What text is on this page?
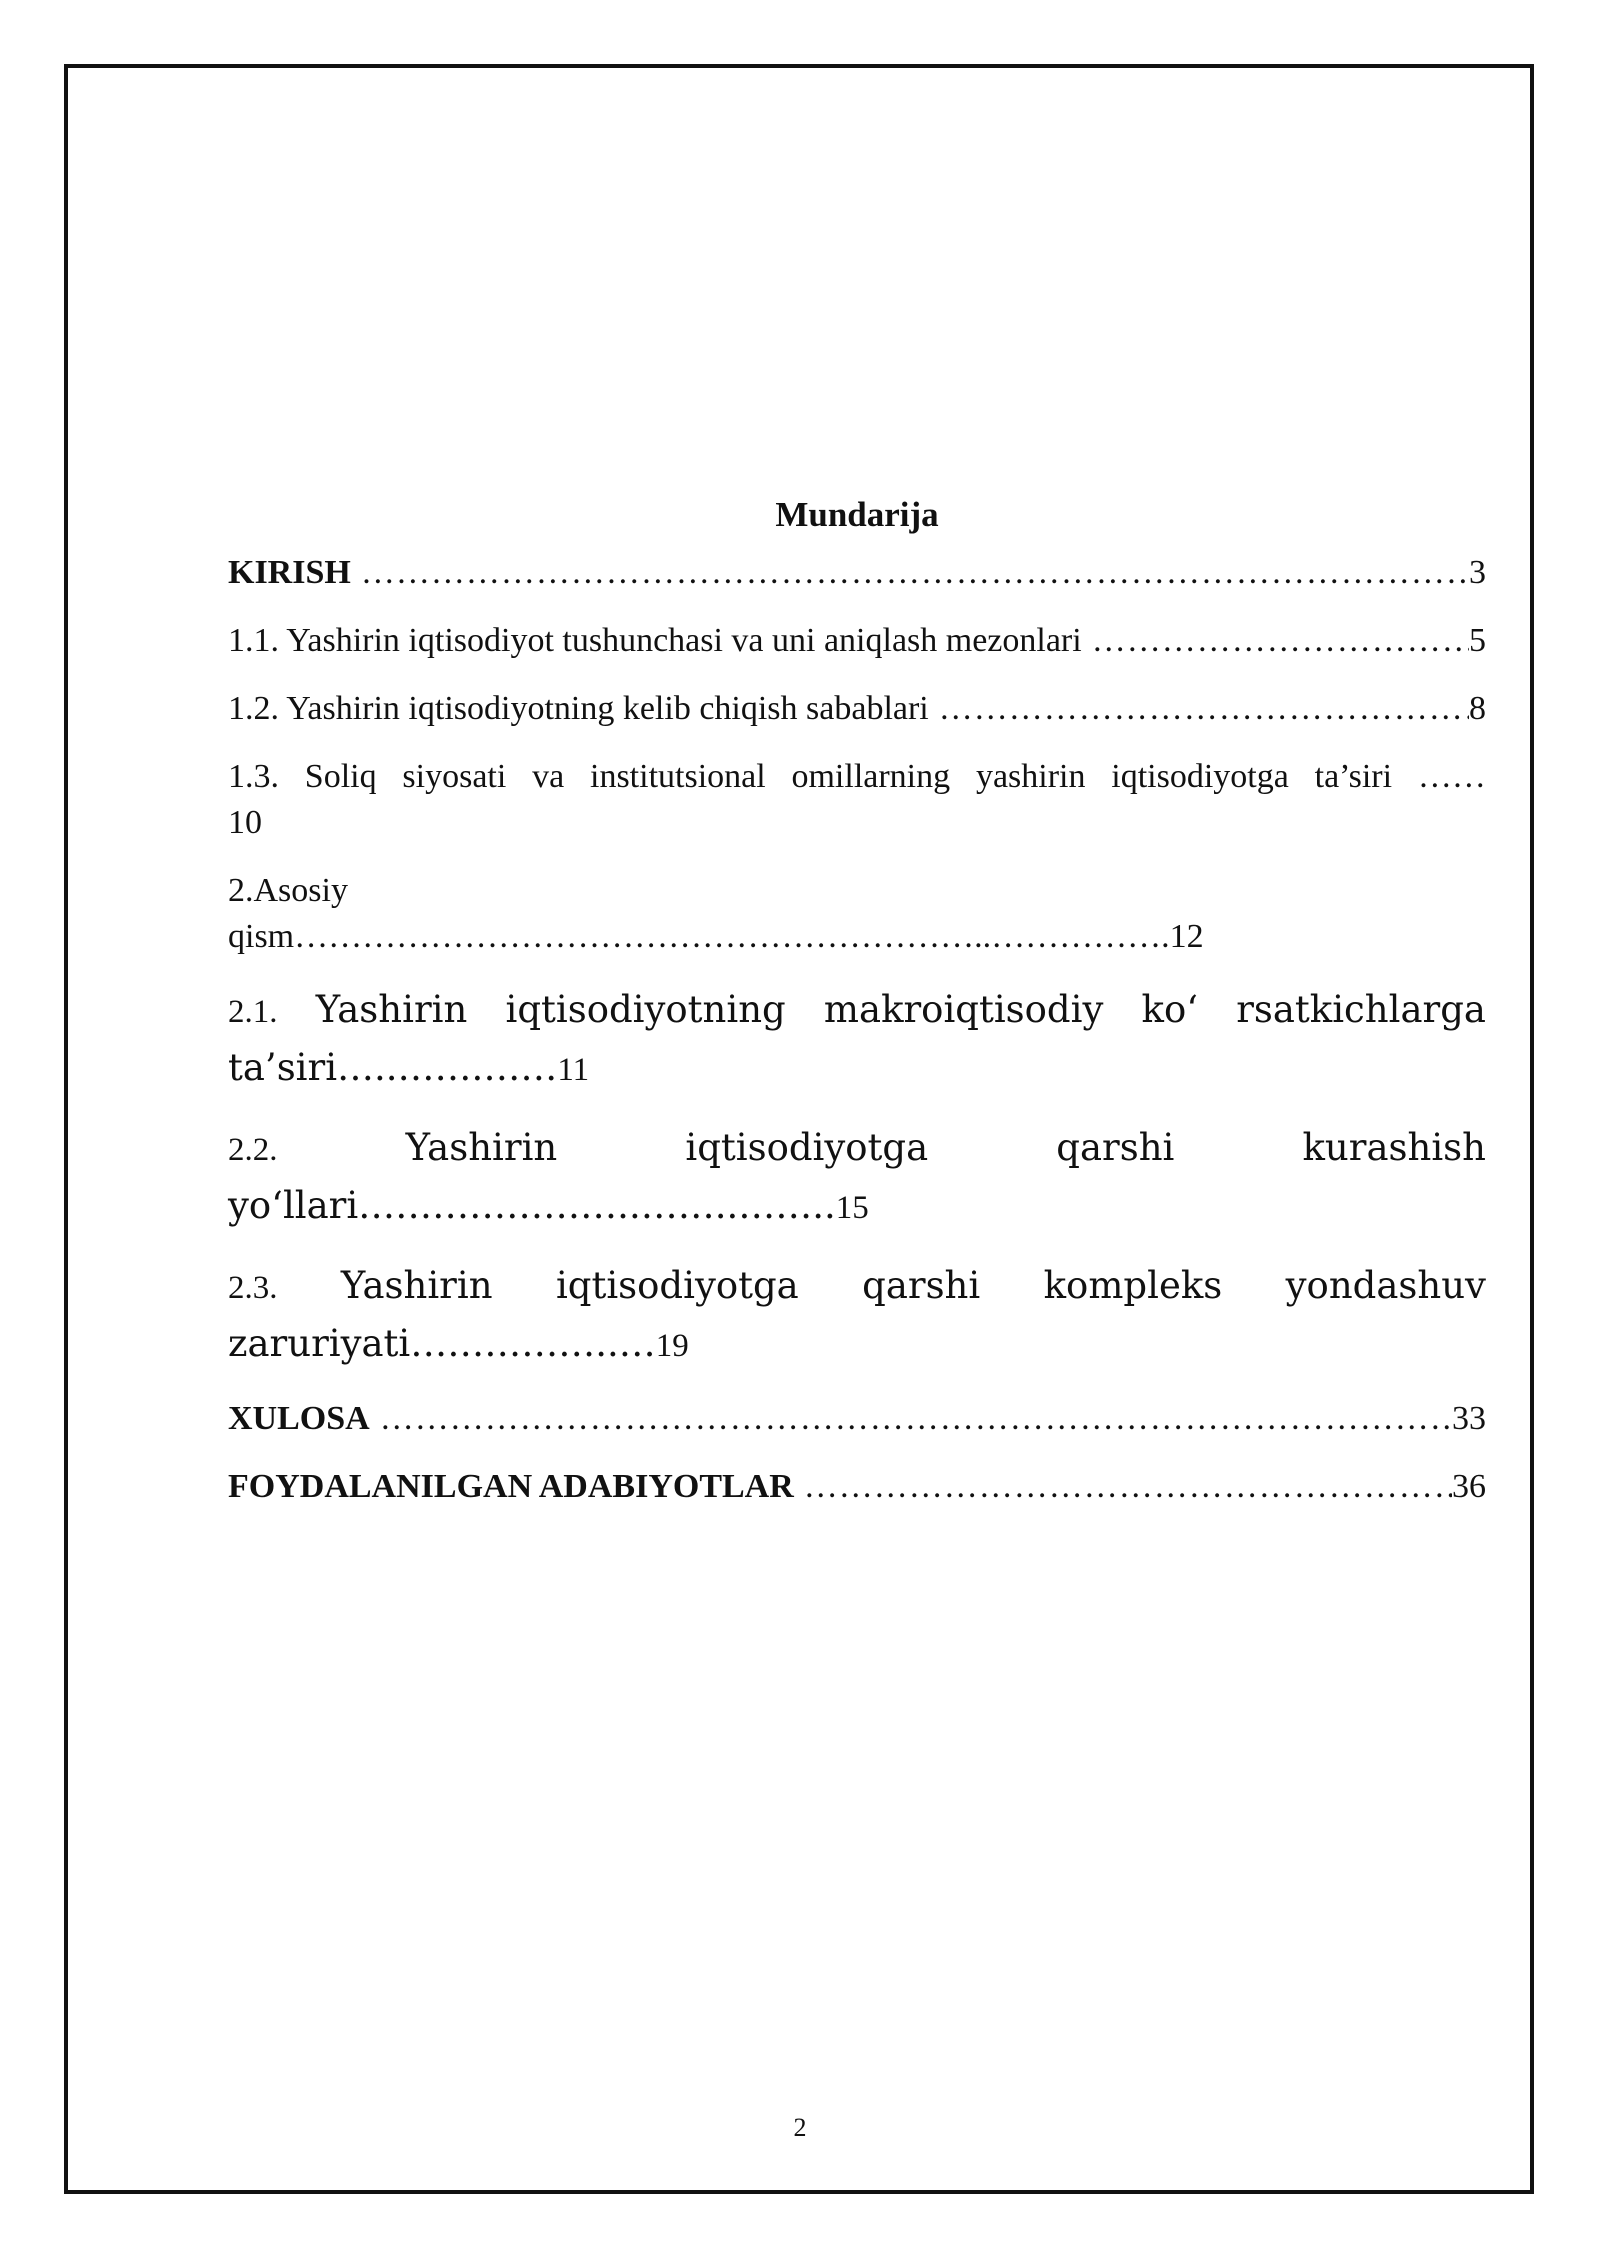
Mundarija
KIRISH ………………………………………………………………………………………………………………………………………………	3
1.1. Yashirin iqtisodiyot tushunchasi va uni aniqlash mezonlari ………………………………………………………………………………………………………………………………………………	5
1.2. Yashirin iqtisodiyotning kelib chiqish sabablari ………………………………………………………………………………………………………………………………………………	8
1.3. Soliq siyosati va institutsional omillarning yashirin iqtisodiyotga ta’siri ……
10
2.Asosiy
qism……………………………………………………..…………….12
2.1. Yashirin iqtisodiyotning makroiqtisodiy ko‘ rsatkichlarga
ta’siri…..…….……11
2.2.	Yashirin	iqtisodiyotga	qarshi	kurashish
yo‘llari…………………..……..……..15
2.3. Yashirin iqtisodiyotga qarshi kompleks yondashuv
zaruriyati……………..…19
XULOSA ………………………………………………………………………………………………………………………………………………	33
FOYDALANILGAN ADABIYOTLAR ………………………………………………………………………………………………………………………………………………	36
2
